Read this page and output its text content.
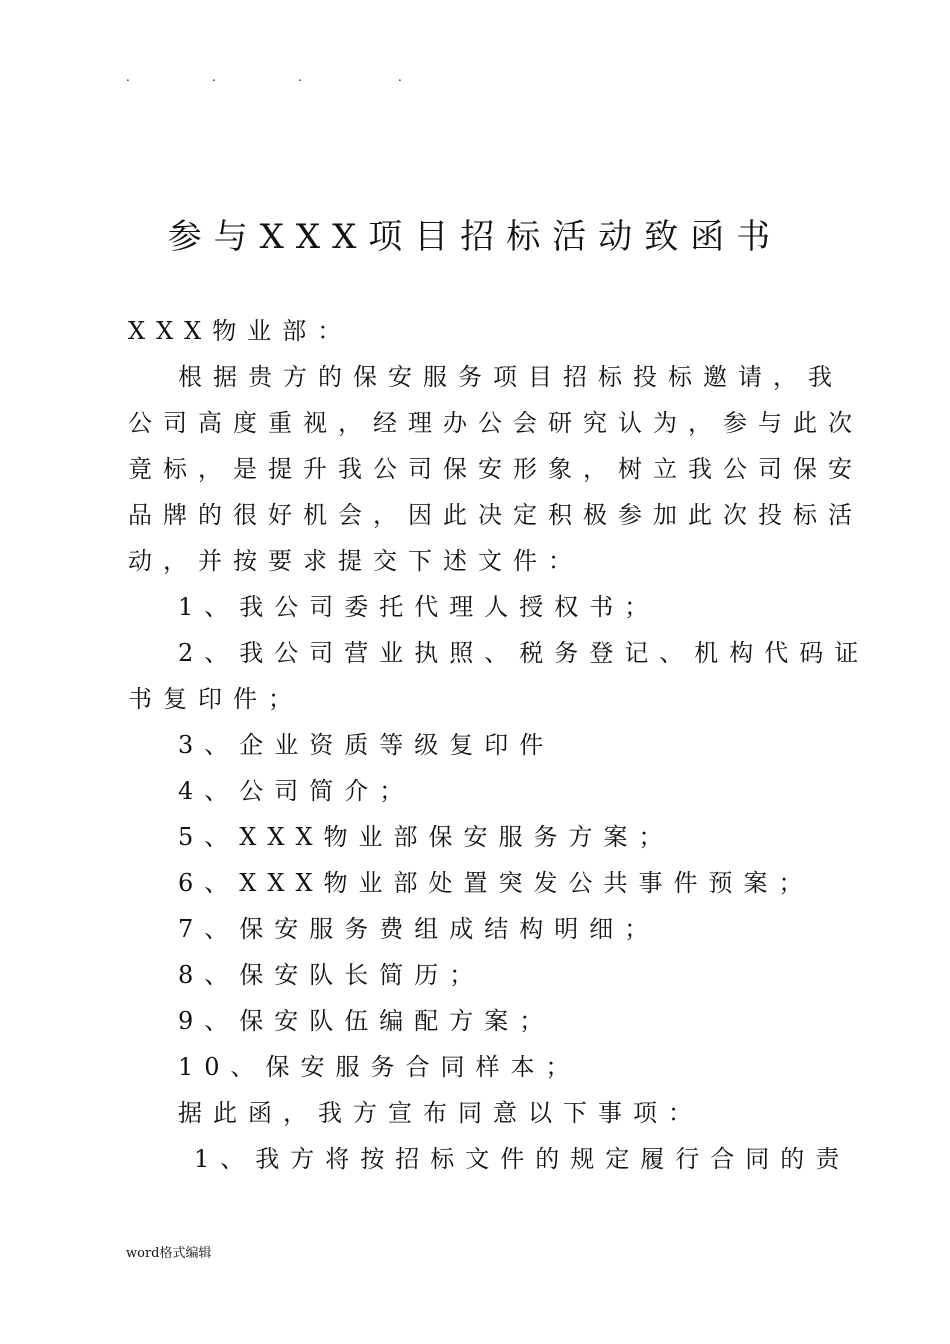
.	.	.	.
参与XXX项目招标活动致函书
XXX物业部：
根据贵方的保安服务项目招标投标邀请，我
公司高度重视，经理办公会研究认为，参与此次
竟标，是提升我公司保安形象，树立我公司保安
品牌的很好机会，因此决定积极参加此次投标活
动，并按要求提交下述文件：
1、我公司委托代理人授权书；
2、我公司营业执照、税务登记、机构代码证
书复印件；
3、企业资质等级复印件
4、公司简介；
5、XXX物业部保安服务方案；
6、XXX物业部处置突发公共事件预案；
7、保安服务费组成结构明细；
8、保安队长简历；
9、保安队伍编配方案；
10、保安服务合同样本；
据此函，我方宣布同意以下事项：
1、我方将按招标文件的规定履行合同的责
word格式编辑
